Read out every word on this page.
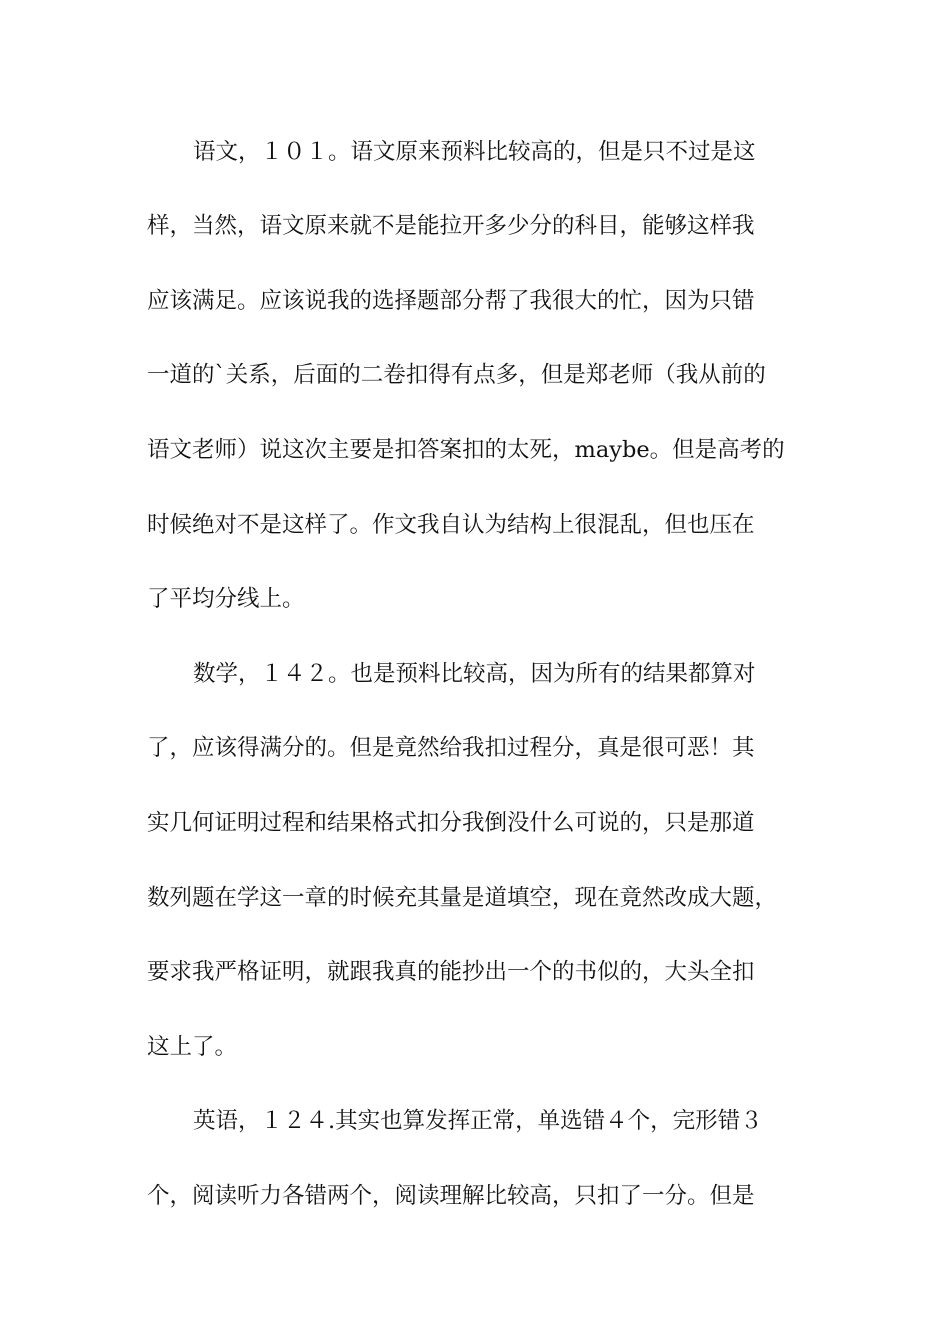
语文，１０１。语文原来预料比较高的，但是只不过是这
样，当然，语文原来就不是能拉开多少分的科目，能够这样我
应该满足。应该说我的选择题部分帮了我很大的忙，因为只错
一道的`关系，后面的二卷扣得有点多，但是郑老师（我从前的
语文老师）说这次主要是扣答案扣的太死，maybe。但是高考的
时候绝对不是这样了。作文我自认为结构上很混乱，但也压在
了平均分线上。
数学，１４２。也是预料比较高，因为所有的结果都算对
了，应该得满分的。但是竟然给我扣过程分，真是很可恶！其
实几何证明过程和结果格式扣分我倒没什么可说的，只是那道
数列题在学这一章的时候充其量是道填空，现在竟然改成大题，
要求我严格证明，就跟我真的能抄出一个的书似的，大头全扣
这上了。
英语，１２４.其实也算发挥正常，单选错４个，完形错３
个，阅读听力各错两个，阅读理解比较高，只扣了一分。但是
